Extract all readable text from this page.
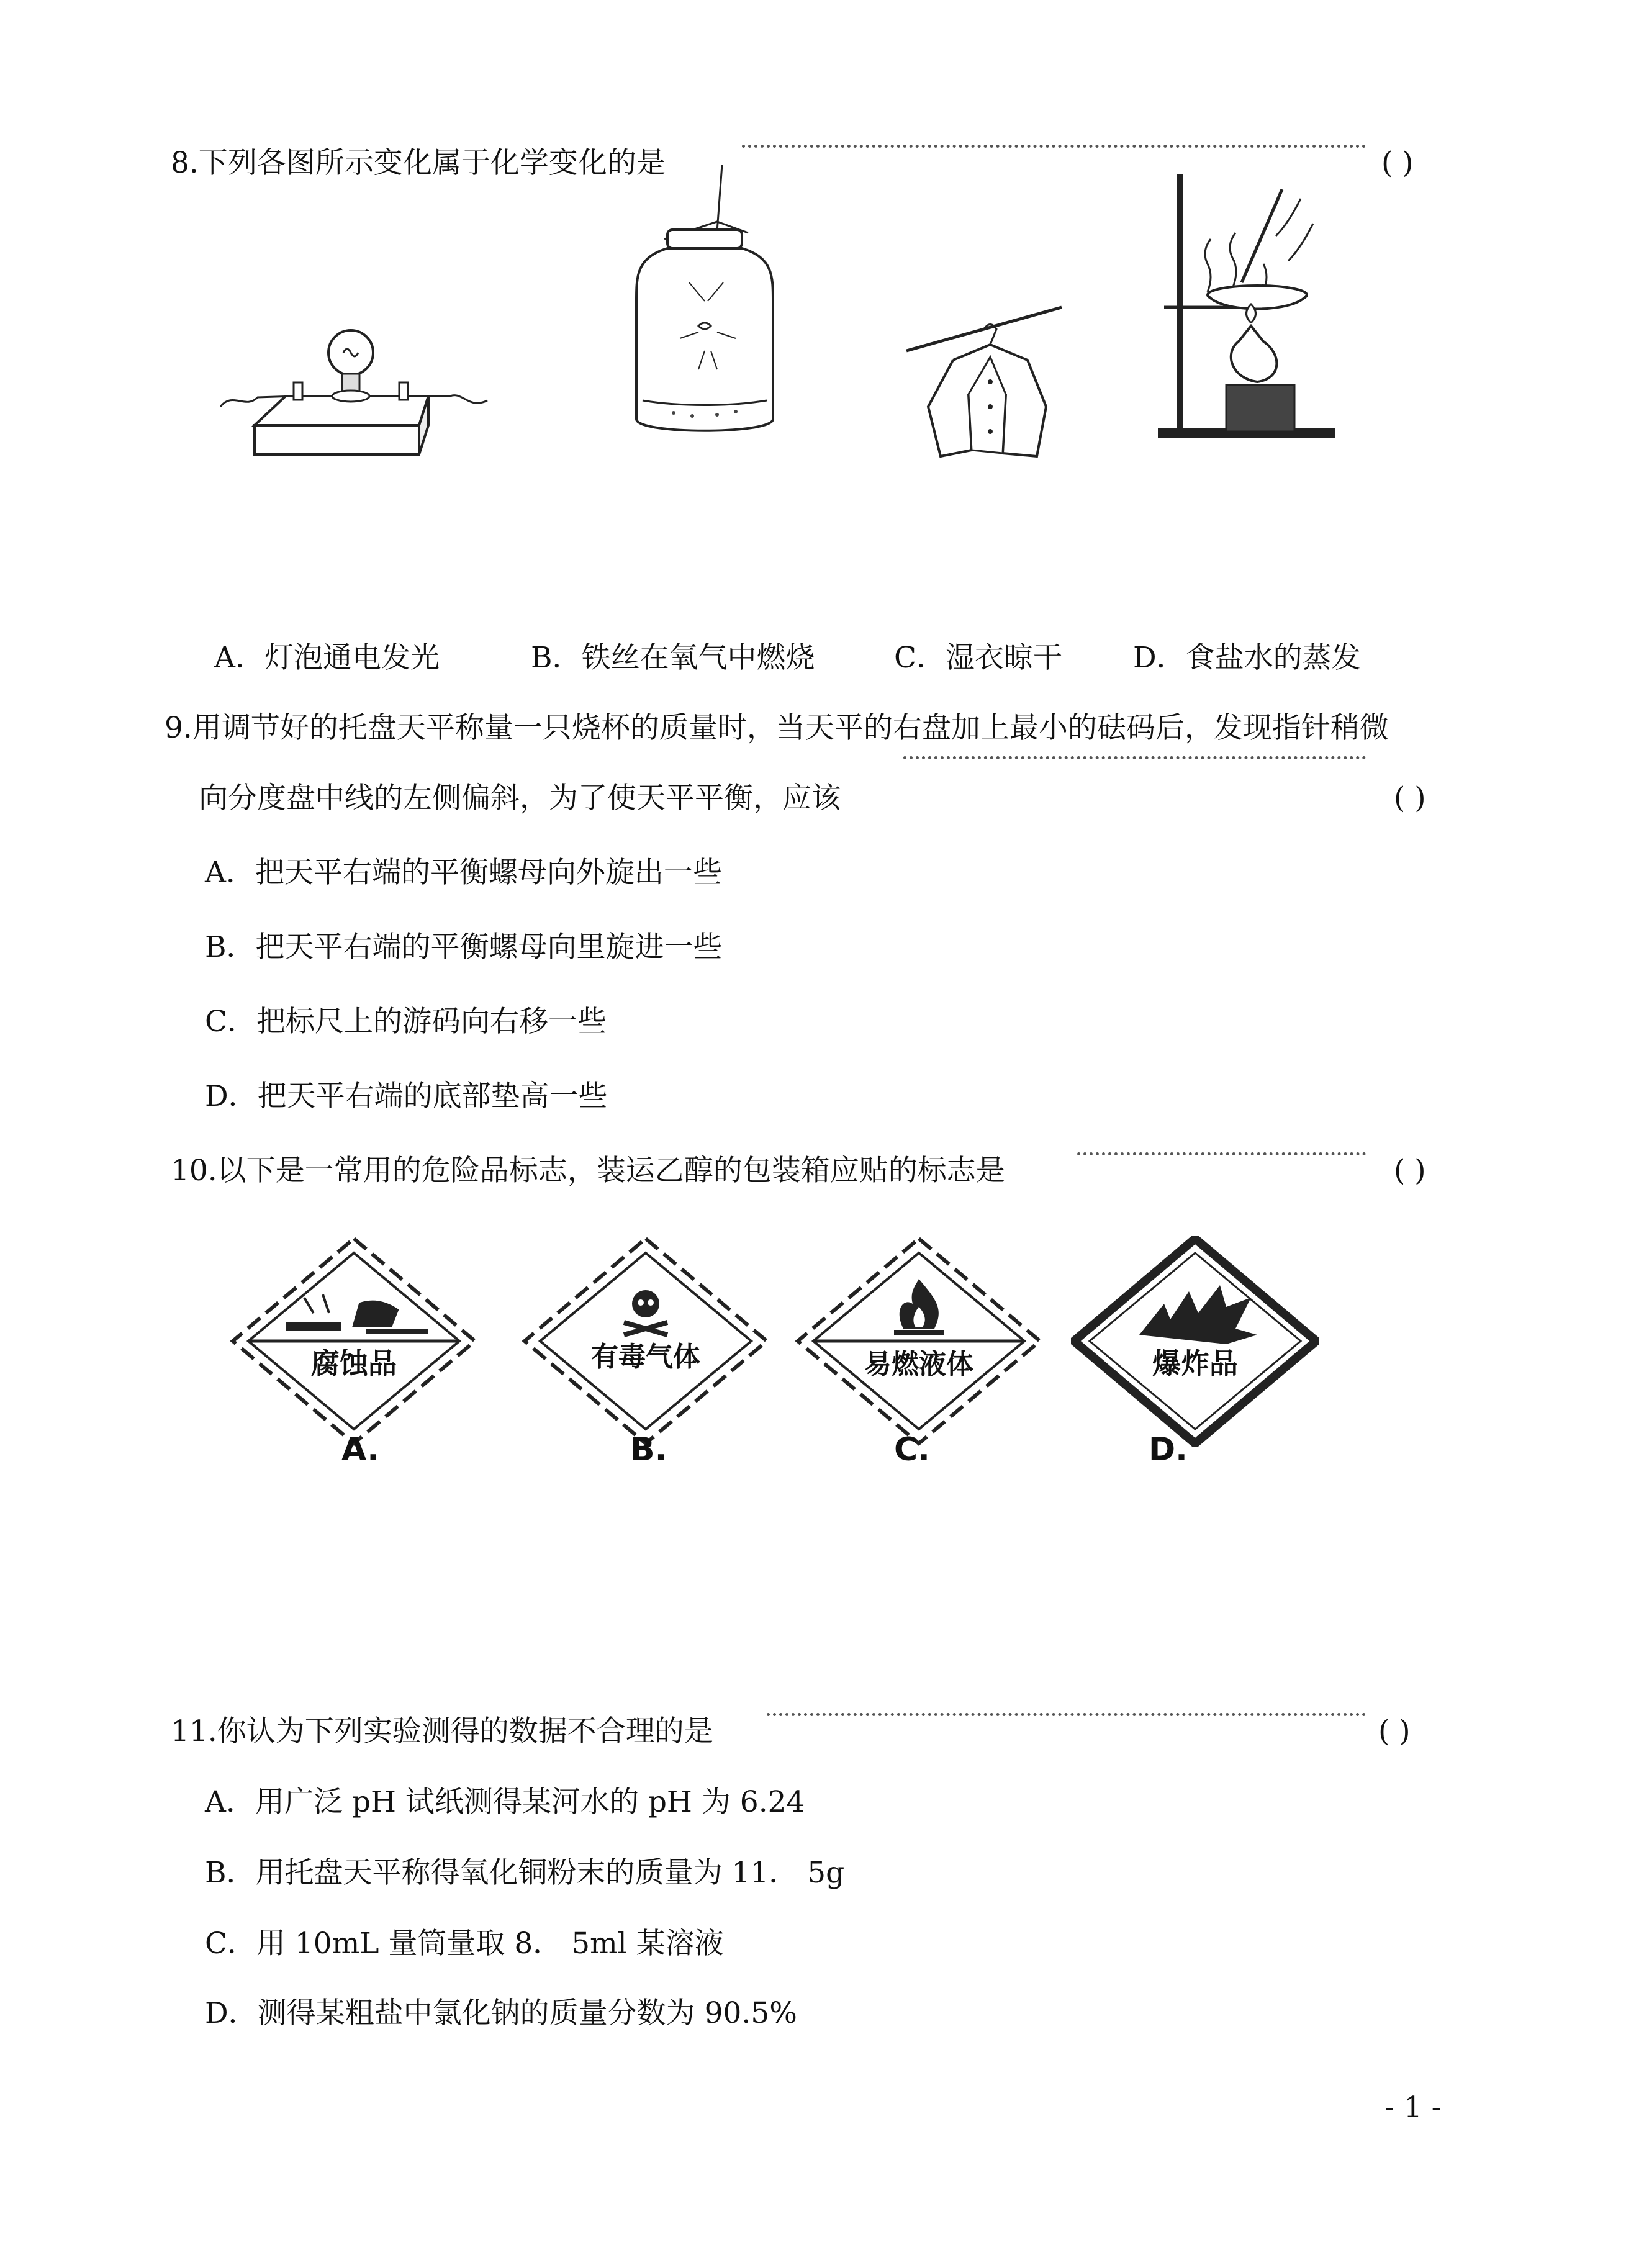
8.下列各图所示变化属于化学变化的是	( )
A．灯泡通电发光	B．铁丝在氧气中燃烧	C．湿衣晾干 D．食盐水的蒸发
9.用调节好的托盘天平称量一只烧杯的质量时，当天平的右盘加上最小的砝码后，发现指针稍微
向分度盘中线的左侧偏斜，为了使天平平衡，应该	( )
A．把天平右端的平衡螺母向外旋出一些
B．把天平右端的平衡螺母向里旋进一些
C．把标尺上的游码向右移一些
D．把天平右端的底部垫高一些
10.以下是一常用的危险品标志，装运乙醇的包装箱应贴的标志是	( )
腐蚀品
A.
有毒气体
B.
易燃液体
C.
爆炸品
D.
11.你认为下列实验测得的数据不合理的是	( )
A．用广泛 pH 试纸测得某河水的 pH 为 6.24
B．用托盘天平称得氧化铜粉末的质量为 11． 5g
C．用 10mL 量筒量取 8． 5ml 某溶液
D．测得某粗盐中氯化钠的质量分数为 90.5%
- 1 -
